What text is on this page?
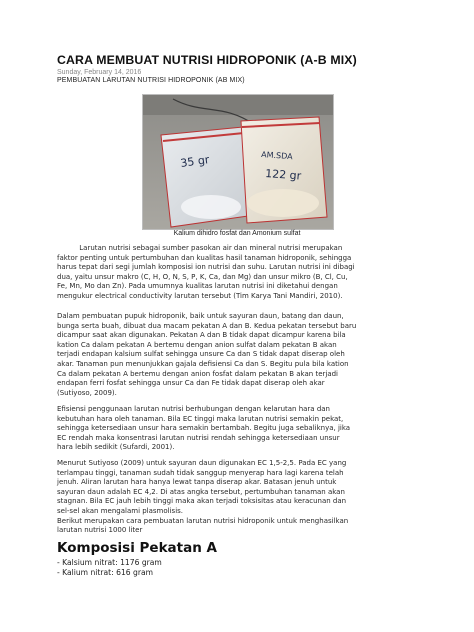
CARA MEMBUAT NUTRISI HIDROPONIK (A-B MIX)
Sunday, February 14, 2016
PEMBUATAN LARUTAN NUTRISI HIDROPONIK (AB MIX)
35 gr	AM.SDA
122 gr
Kalium dihidro fosfat dan Amonium sulfat
Larutan nutrisi sebagai sumber pasokan air dan mineral nutrisi merupakan
faktor penting untuk pertumbuhan dan kualitas hasil tanaman hidroponik, sehingga
harus tepat dari segi jumlah komposisi ion nutrisi dan suhu. Larutan nutrisi ini dibagi
dua, yaitu unsur makro (C, H, O, N, S, P, K, Ca, dan Mg) dan unsur mikro (B, Cl, Cu,
Fe, Mn, Mo dan Zn). Pada umumnya kualitas larutan nutrisi ini diketahui dengan
mengukur electrical conductivity larutan tersebut (Tim Karya Tani Mandiri, 2010).
Dalam pembuatan pupuk hidroponik, baik untuk sayuran daun, batang dan daun,
bunga serta buah, dibuat dua macam pekatan A dan B. Kedua pekatan tersebut baru
dicampur saat akan digunakan. Pekatan A dan B tidak dapat dicampur karena bila
kation Ca dalam pekatan A bertemu dengan anion sulfat dalam pekatan B akan
terjadi endapan kalsium sulfat sehingga unsure Ca dan S tidak dapat diserap oleh
akar. Tanaman pun menunjukkan gajala defisiensi Ca dan S. Begitu pula bila kation
Ca dalam pekatan A bertemu dengan anion fosfat dalam pekatan B akan terjadi
endapan ferri fosfat sehingga unsur Ca dan Fe tidak dapat diserap oleh akar
(Sutiyoso, 2009).
Efisiensi penggunaan larutan nutrisi berhubungan dengan kelarutan hara dan
kebutuhan hara oleh tanaman. Bila EC tinggi maka larutan nutrisi semakin pekat,
sehingga ketersediaan unsur hara semakin bertambah. Begitu juga sebaliknya, jika
EC rendah maka konsentrasi larutan nutrisi rendah sehingga ketersediaan unsur
hara lebih sedikit (Sufardi, 2001).
Menurut Sutiyoso (2009) untuk sayuran daun digunakan EC 1,5-2,5. Pada EC yang
terlampau tinggi, tanaman sudah tidak sanggup menyerap hara lagi karena telah
jenuh. Aliran larutan hara hanya lewat tanpa diserap akar. Batasan jenuh untuk
sayuran daun adalah EC 4,2. Di atas angka tersebut, pertumbuhan tanaman akan
stagnan. Bila EC jauh lebih tinggi maka akan terjadi toksisitas atau keracunan dan
sel-sel akan mengalami plasmolisis.
Berikut merupakan cara pembuatan larutan nutrisi hidroponik untuk menghasilkan
larutan nutrisi 1000 liter
Komposisi Pekatan A
- Kalsium nitrat: 1176 gram
- Kalium nitrat: 616 gram
